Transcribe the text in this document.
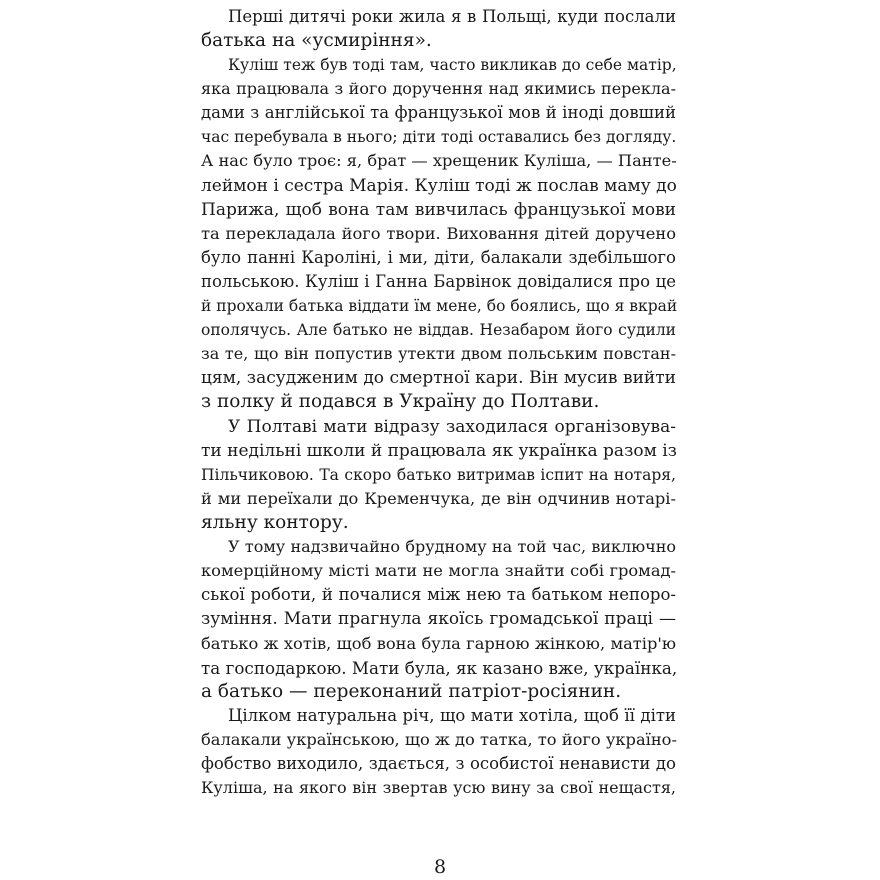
Перші дитячі роки жила я в Польщі, куди послали
батька на «усмиріння».
Куліш теж був тоді там, часто викликав до себе матір,
яка працювала з його доручення над якимись переклa-
дами з англійської та французької мов й іноді довший
час перебувала в нього; діти тоді оставались без догляду.
А нас було троє: я, брат — хрещеник Куліша, — Панте-
леймон і сестра Марія. Куліш тоді ж послав маму до
Парижа, щоб вона там вивчилась французької мови
та перекладала його твори. Виховання дітей доручено
було панні Кароліні, і ми, діти, балакали здебільшого
польською. Куліш і Ганна Барвінок довідалися про це
й прохали батька віддати їм мене, бо боялись, що я вкрай
ополячусь. Але батько не віддав. Незабаром його судили
за те, що він попустив утекти двом польським повстан-
цям, засудженим до смертної кари. Він мусив вийти
з полку й подався в Україну до Полтави.
У Полтаві мати відразу заходилася організовува-
ти недільні школи й працювала як українка разом із
Пільчиковою. Та скоро батько витримав іспит на нотаря,
й ми переїхали до Кременчука, де він одчинив нотарі-
яльну контору.
У тому надзвичайно брудному на той час, виключно
комерційному місті мати не могла знайти собі громад-
ської роботи, й почалися між нею та батьком непоро-
зуміння. Мати прагнула якоїсь громадської праці —
батько ж хотів, щоб вона була гарною жінкою, матір'ю
та господаркою. Мати була, як казано вже, українка,
а батько — переконаний патріот-росіянин.
Цілком натуральна річ, що мати хотіла, щоб її діти
балакали українською, що ж до татка, то його україно-
фобство виходило, здається, з особистої ненависти до
Куліша, на якого він звертав усю вину за свої нещастя,
8
